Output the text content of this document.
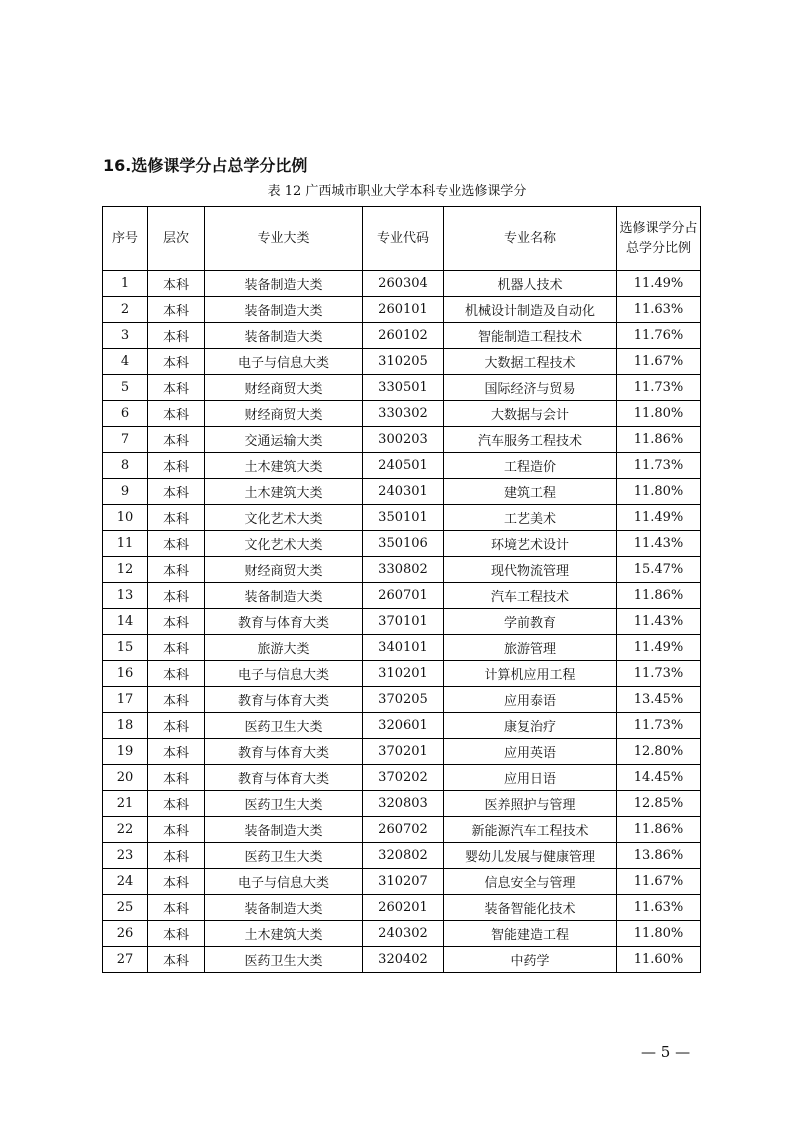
16.选修课学分占总学分比例
表 12 广西城市职业大学本科专业选修课学分
序号	层次	专业大类	专业代码	专业名称	选修课学分占总学分比例
1	本科	装备制造大类	260304	机器人技术	11.49%
2	本科	装备制造大类	260101	机械设计制造及自动化	11.63%
3	本科	装备制造大类	260102	智能制造工程技术	11.76%
4	本科	电子与信息大类	310205	大数据工程技术	11.67%
5	本科	财经商贸大类	330501	国际经济与贸易	11.73%
6	本科	财经商贸大类	330302	大数据与会计	11.80%
7	本科	交通运输大类	300203	汽车服务工程技术	11.86%
8	本科	土木建筑大类	240501	工程造价	11.73%
9	本科	土木建筑大类	240301	建筑工程	11.80%
10	本科	文化艺术大类	350101	工艺美术	11.49%
11	本科	文化艺术大类	350106	环境艺术设计	11.43%
12	本科	财经商贸大类	330802	现代物流管理	15.47%
13	本科	装备制造大类	260701	汽车工程技术	11.86%
14	本科	教育与体育大类	370101	学前教育	11.43%
15	本科	旅游大类	340101	旅游管理	11.49%
16	本科	电子与信息大类	310201	计算机应用工程	11.73%
17	本科	教育与体育大类	370205	应用泰语	13.45%
18	本科	医药卫生大类	320601	康复治疗	11.73%
19	本科	教育与体育大类	370201	应用英语	12.80%
20	本科	教育与体育大类	370202	应用日语	14.45%
21	本科	医药卫生大类	320803	医养照护与管理	12.85%
22	本科	装备制造大类	260702	新能源汽车工程技术	11.86%
23	本科	医药卫生大类	320802	婴幼儿发展与健康管理	13.86%
24	本科	电子与信息大类	310207	信息安全与管理	11.67%
25	本科	装备制造大类	260201	装备智能化技术	11.63%
26	本科	土木建筑大类	240302	智能建造工程	11.80%
27	本科	医药卫生大类	320402	中药学	11.60%
— 5 —
